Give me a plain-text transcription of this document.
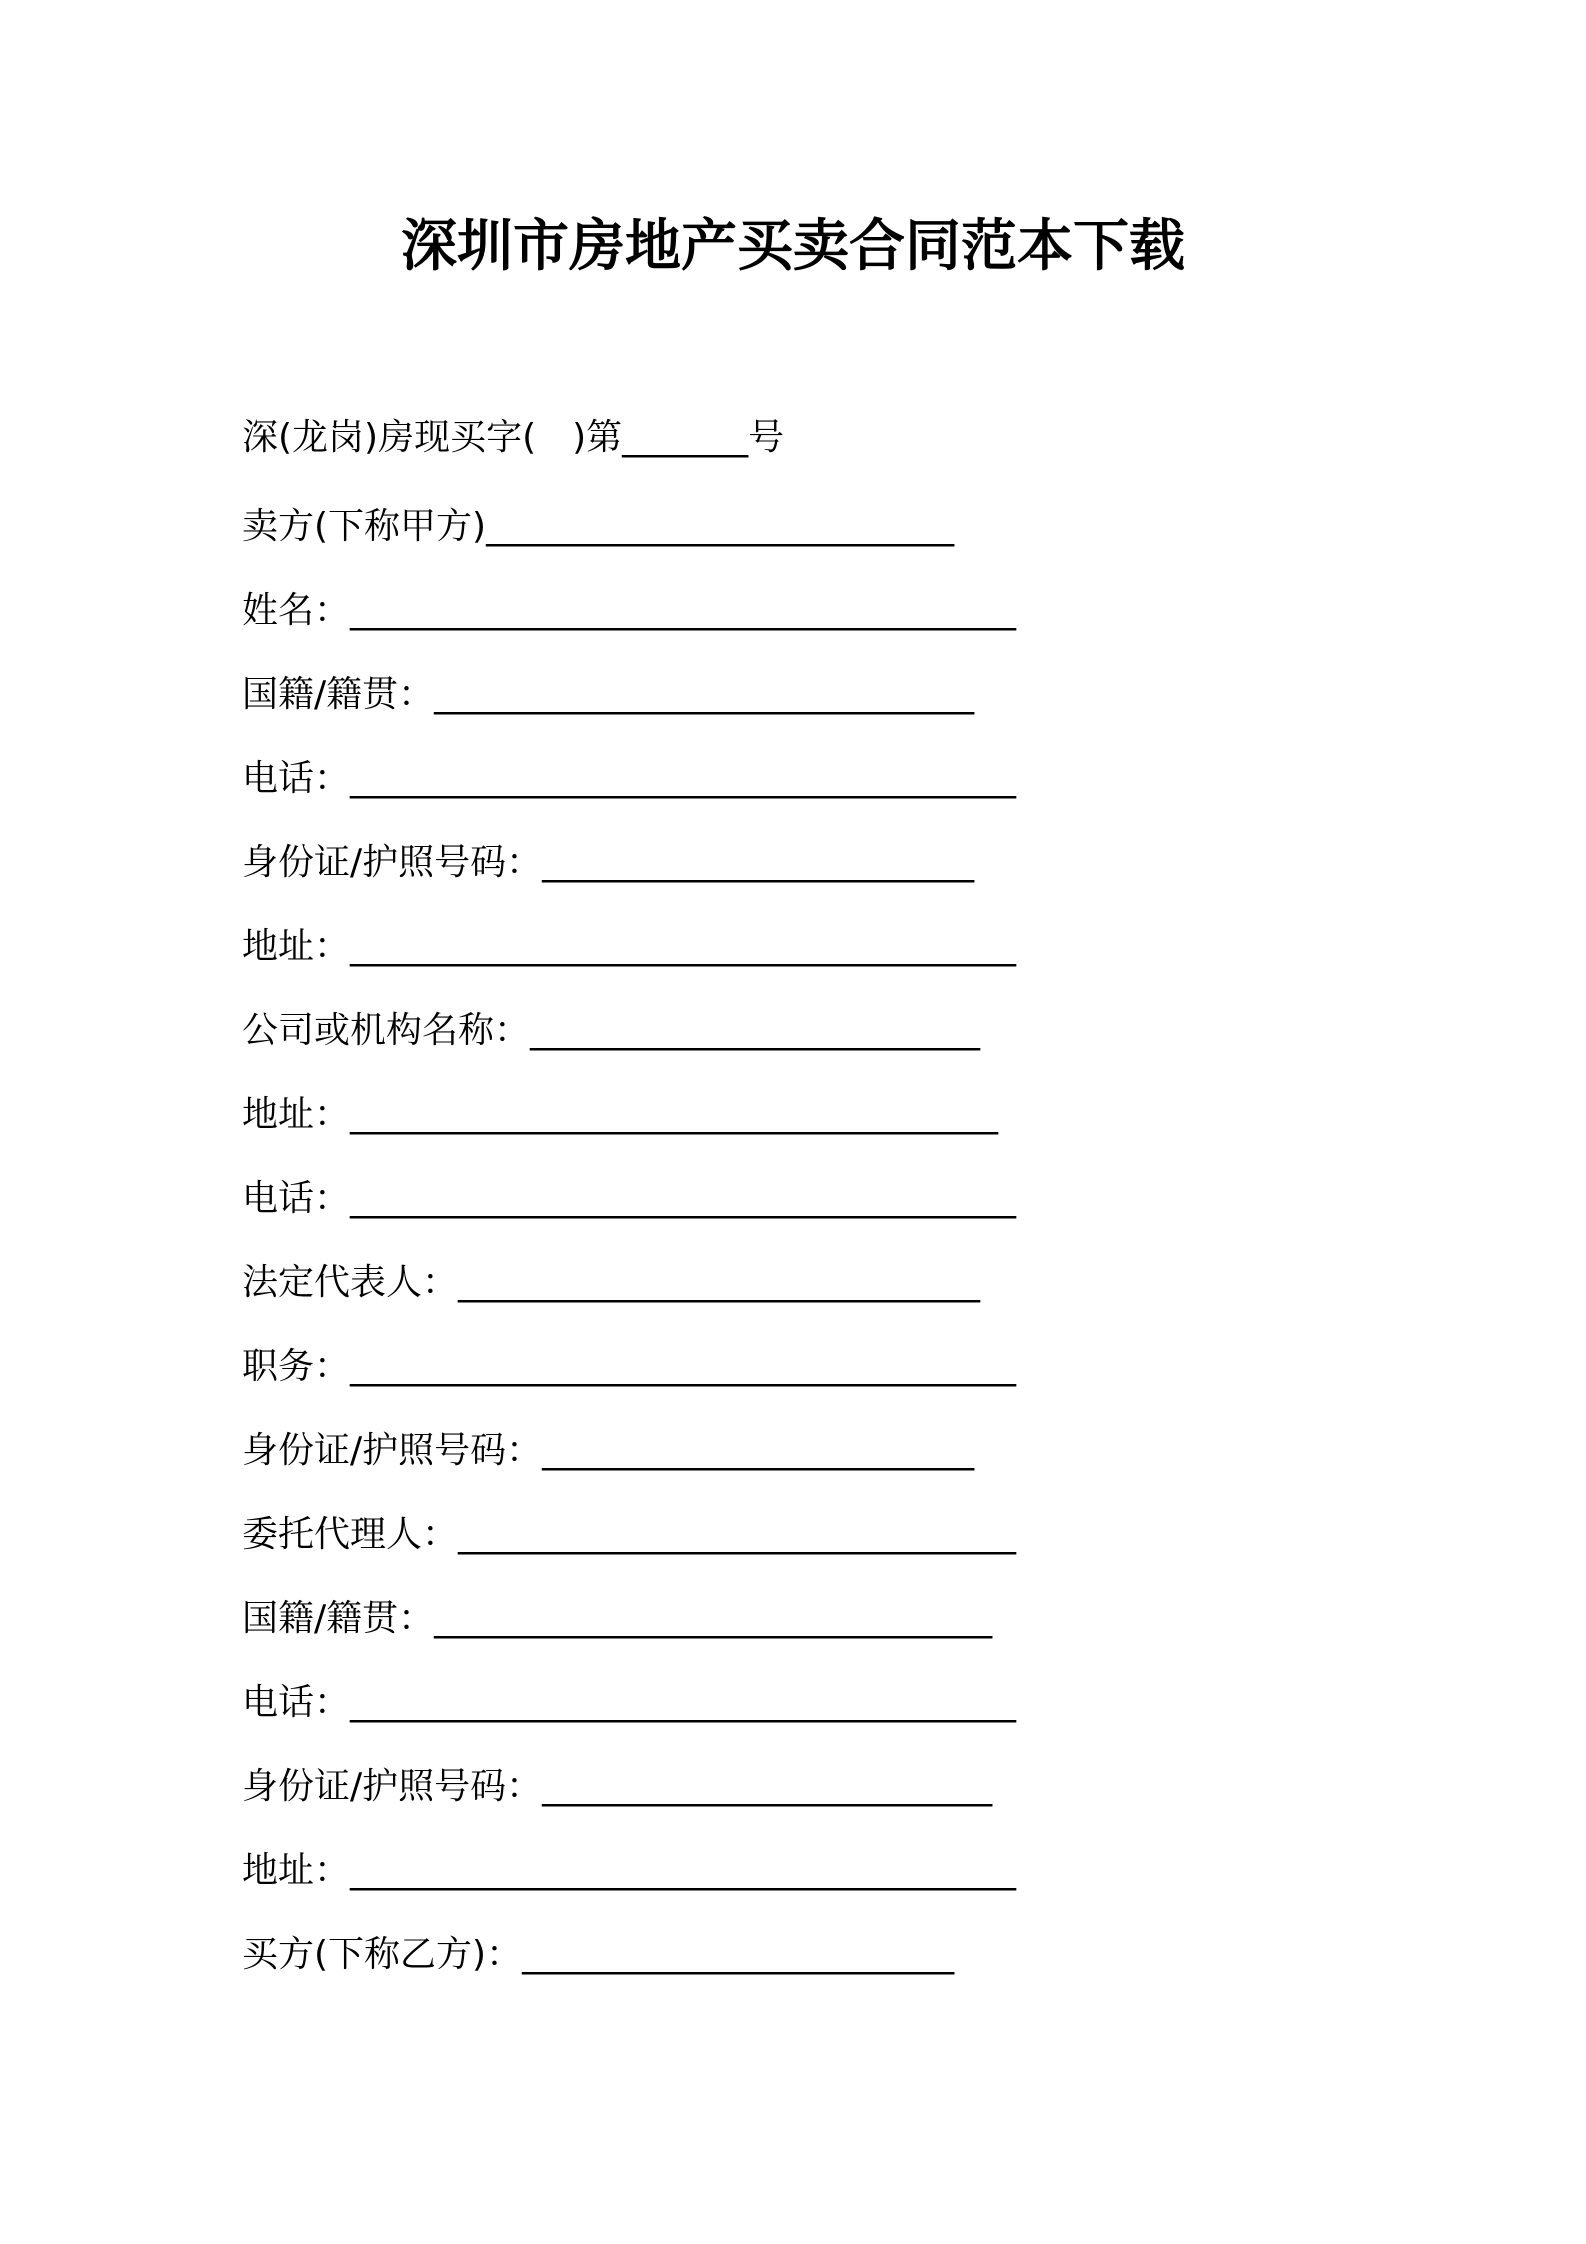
深圳市房地产买卖合同范本下载
深(龙岗)房现买字(　)第_______号
卖方(下称甲方)__________________________
姓名：_____________________________________
国籍/籍贯：______________________________
电话：_____________________________________
身份证/护照号码：________________________
地址：_____________________________________
公司或机构名称：_________________________
地址：____________________________________
电话：_____________________________________
法定代表人：_____________________________
职务：_____________________________________
身份证/护照号码：________________________
委托代理人：_______________________________
国籍/籍贯：_______________________________
电话：_____________________________________
身份证/护照号码：_________________________
地址：_____________________________________
买方(下称乙方)：________________________
